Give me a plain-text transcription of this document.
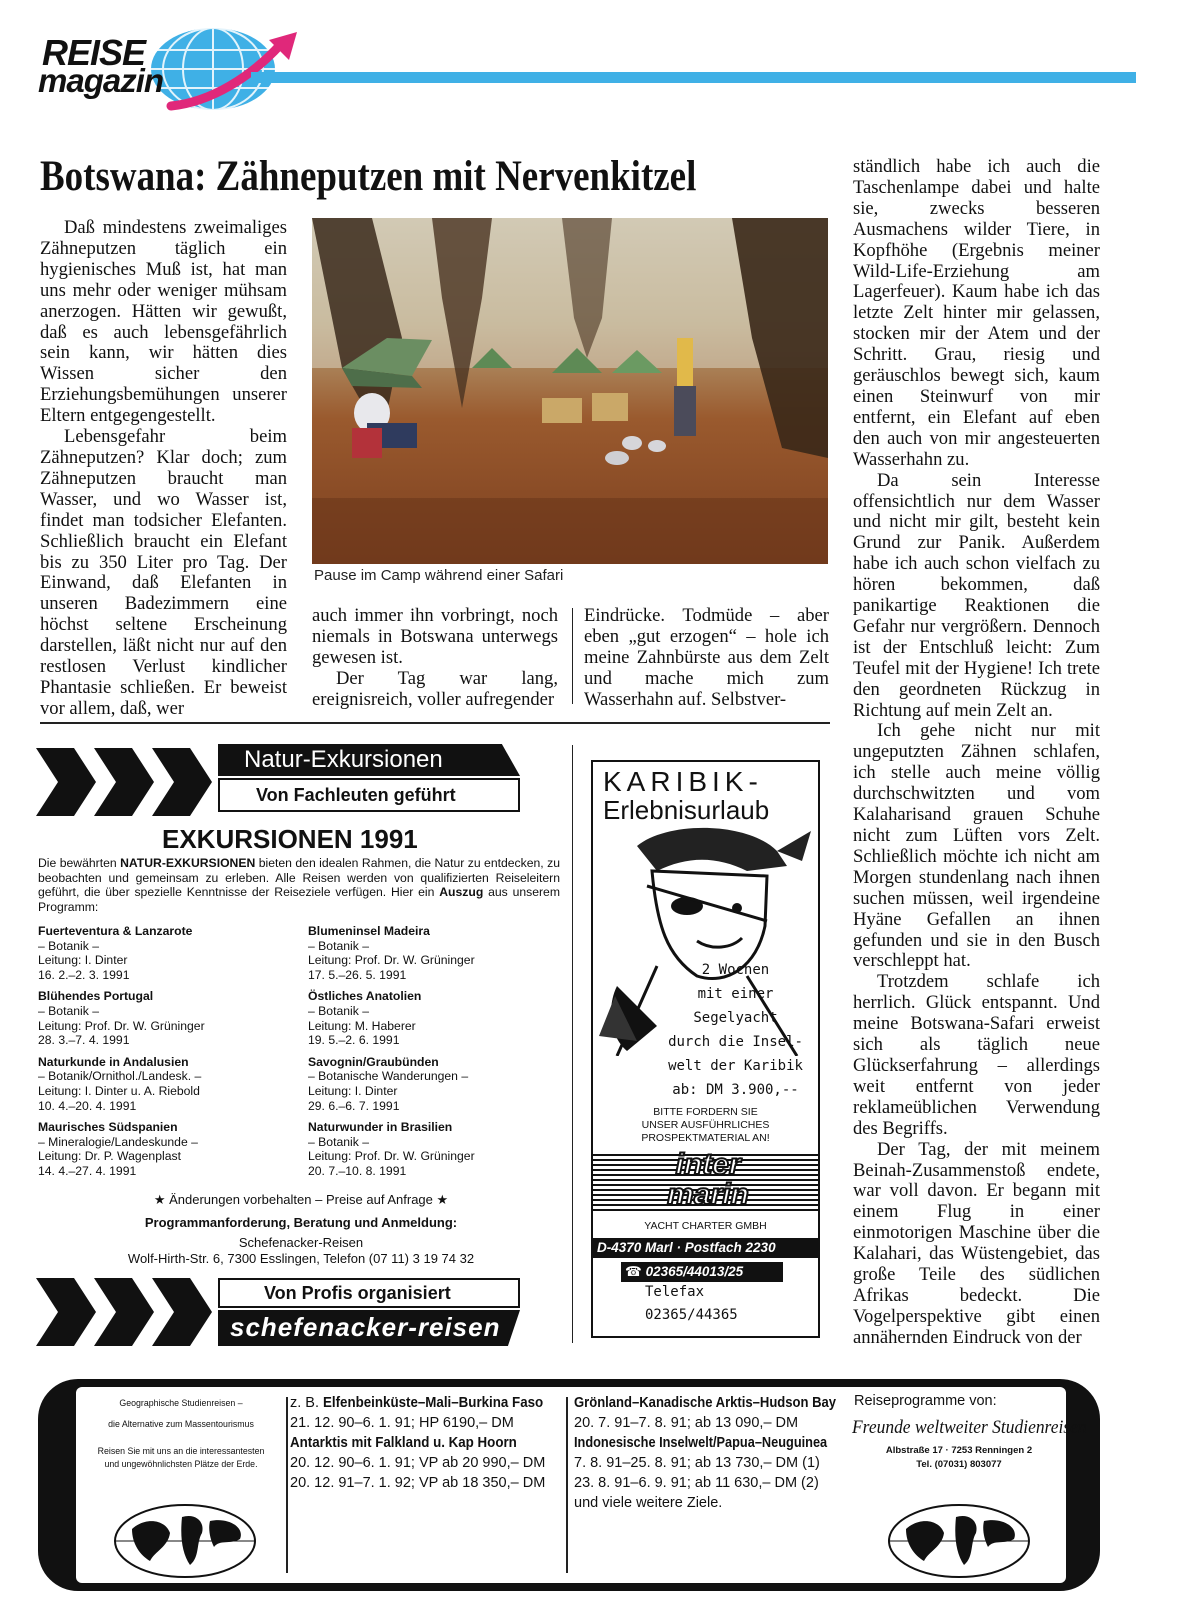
REISE
magazin
Botswana: Zähneputzen mit Nervenkitzel
Pause im Camp während einer Safari

Daß mindestens zweimaliges Zähneputzen täglich ein hygienisches Muß ist, hat man uns mehr oder weniger mühsam anerzogen. Hätten wir gewußt, daß es auch lebensgefährlich sein kann, wir hätten dies Wissen sicher den Erziehungsbemühungen unserer Eltern entgegengestellt.

Lebensgefahr beim Zähneputzen? Klar doch; zum Zähneputzen braucht man Wasser, und wo Wasser ist, findet man todsicher Elefanten. Schließlich braucht ein Elefant bis zu 350 Liter pro Tag. Der Einwand, daß Elefanten in unseren Badezimmern eine höchst seltene Erscheinung darstellen, läßt nicht nur auf den restlosen Verlust kindlicher Phantasie schließen. Er beweist vor allem, daß, wer

auch immer ihn vorbringt, noch niemals in Botswana unterwegs gewesen ist.

Der Tag war lang, ereignisreich, voller aufregender

Eindrücke. Todmüde – aber eben „gut erzogen“ – hole ich meine Zahnbürste aus dem Zelt und mache mich zum Wasserhahn auf. Selbstver-

ständlich habe ich auch die Taschenlampe dabei und halte sie, zwecks besseren Ausmachens wilder Tiere, in Kopfhöhe (Ergebnis meiner Wild-Life-Erziehung am Lagerfeuer). Kaum habe ich das letzte Zelt hinter mir gelassen, stocken mir der Atem und der Schritt. Grau, riesig und geräuschlos bewegt sich, kaum einen Steinwurf von mir entfernt, ein Elefant auf eben den auch von mir angesteuerten Wasserhahn zu.

Da sein Interesse offensichtlich nur dem Wasser und nicht mir gilt, besteht kein Grund zur Panik. Außerdem habe ich auch schon vielfach zu hören bekommen, daß panikartige Reaktionen die Gefahr nur vergrößern. Dennoch ist der Entschluß leicht: Zum Teufel mit der Hygiene! Ich trete den geordneten Rückzug in Richtung auf mein Zelt an.

Ich gehe nicht nur mit ungeputzten Zähnen schlafen, ich stelle auch meine völlig durchschwitzten und vom Kalaharisand grauen Schuhe nicht zum Lüften vors Zelt. Schließlich möchte ich nicht am Morgen stundenlang nach ihnen suchen müssen, weil irgendeine Hyäne Gefallen an ihnen gefunden und sie in den Busch verschleppt hat.

Trotzdem schlafe ich herrlich. Glück entspannt. Und meine Botswana-Safari erweist sich als täglich neue Glückserfahrung – allerdings weit entfernt von jeder reklameüblichen Verwendung des Begriffs.

Der Tag, der mit meinem Beinah-Zusammenstoß endete, war voll davon. Er begann mit einem Flug in einer einmotorigen Maschine über die Kalahari, das Wüstengebiet, das große Teile des südlichen Afrikas bedeckt. Die Vogelperspektive gibt einen annähernden Eindruck von der

Natur-Exkursionen
Von Fachleuten geführt
EXKURSIONEN 1991
Die bewährten NATUR-EXKURSIONEN bieten den idealen Rahmen, die Natur zu entdecken, zu beobachten und gemeinsam zu erleben. Alle Reisen werden von qualifizierten Reiseleitern geführt, die über spezielle Kenntnisse der Reiseziele verfügen. Hier ein Auszug aus unserem Programm:
Fuerteventura & Lanzarote
– Botanik –
Leitung: I. Dinter
16. 2.–2. 3. 1991
Blühendes Portugal
– Botanik –
Leitung: Prof. Dr. W. Grüninger
28. 3.–7. 4. 1991
Naturkunde in Andalusien
– Botanik/Ornithol./Landesk. –
Leitung: I. Dinter u. A. Riebold
10. 4.–20. 4. 1991
Maurisches Südspanien
– Mineralogie/Landeskunde –
Leitung: Dr. P. Wagenplast
14. 4.–27. 4. 1991
Blumeninsel Madeira
– Botanik –
Leitung: Prof. Dr. W. Grüninger
17. 5.–26. 5. 1991
Östliches Anatolien
– Botanik –
Leitung: M. Haberer
19. 5.–2. 6. 1991
Savognin/Graubünden
– Botanische Wanderungen –
Leitung: I. Dinter
29. 6.–6. 7. 1991
Naturwunder in Brasilien
– Botanik –
Leitung: Prof. Dr. W. Grüninger
20. 7.–10. 8. 1991
★ Änderungen vorbehalten – Preise auf Anfrage ★
Programmanforderung, Beratung und Anmeldung:
Schefenacker-Reisen
Wolf-Hirth-Str. 6, 7300 Esslingen, Telefon (07 11) 3 19 74 32
Von Profis organisiert
schefenacker-reisen
KARIBIK-
Erlebnisurlaub
2 Wochen
mit einer
Segelyacht
durch die Insel-
welt der Karibik
ab: DM 3.900,--
BITTE FORDERN SIE
UNSER AUSFÜHRLICHES
PROSPEKTMATERIAL AN!
inter
marin
YACHT CHARTER GMBH
D-4370 Marl · Postfach 2230
☎ 02365/44013/25
Telefax
02365/44365
Geographische Studienreisen –
die Alternative zum Massentourismus
Reisen Sie mit uns an die interessantesten
und ungewöhnlichsten Plätze der Erde.
z. B. Elfenbeinküste–Mali–Burkina Faso
21. 12. 90–6. 1. 91; HP 6190,– DM
Antarktis mit Falkland u. Kap Hoorn
20. 12. 90–6. 1. 91; VP ab 20 990,– DM
20. 12. 91–7. 1. 92; VP ab 18 350,– DM
Grönland–Kanadische Arktis–Hudson Bay
20. 7. 91–7. 8. 91; ab 13 090,– DM
Indonesische Inselwelt/Papua–Neuguinea
7. 8. 91–25. 8. 91; ab 13 730,– DM (1)
23. 8. 91–6. 9. 91; ab 11 630,– DM (2)
und viele weitere Ziele.
Reiseprogramme von:
Freunde weltweiter Studienreisen
Albstraße 17 · 7253 Renningen 2
Tel. (07031) 803077
